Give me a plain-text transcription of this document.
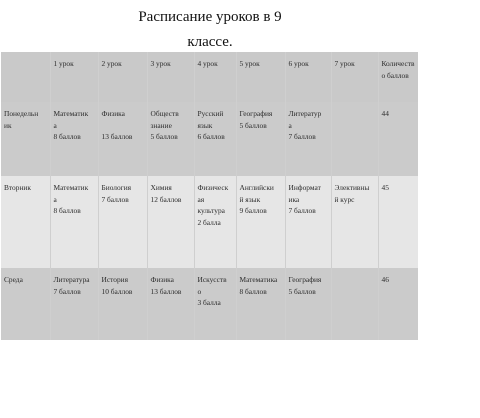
Расписание уроков в 9
классе.

	1 урок	2 урок	3 урок	4 урок	5 урок	6 урок	7 урок	Количеств
о баллов

Понедельн
ик	Математик
а
8 баллов	Физика
13 баллов	Обществ
знание
5 баллов	Русский
язык
6 баллов	География
5 баллов	Литератур
а
7 баллов		44

Вторник	Математик
а
8 баллов	Биология
7 баллов	Химия
12 баллов	Физическ
ая
культура
2 балла	Английски
й язык
9 баллов	Информат
ика
7 баллов	Элективны
й курс	45

Среда	Литература
7 баллов	История
10 баллов	Физика
13 баллов	Искусств
о
3 балла	Математика
8 баллов	География
5 баллов		46
